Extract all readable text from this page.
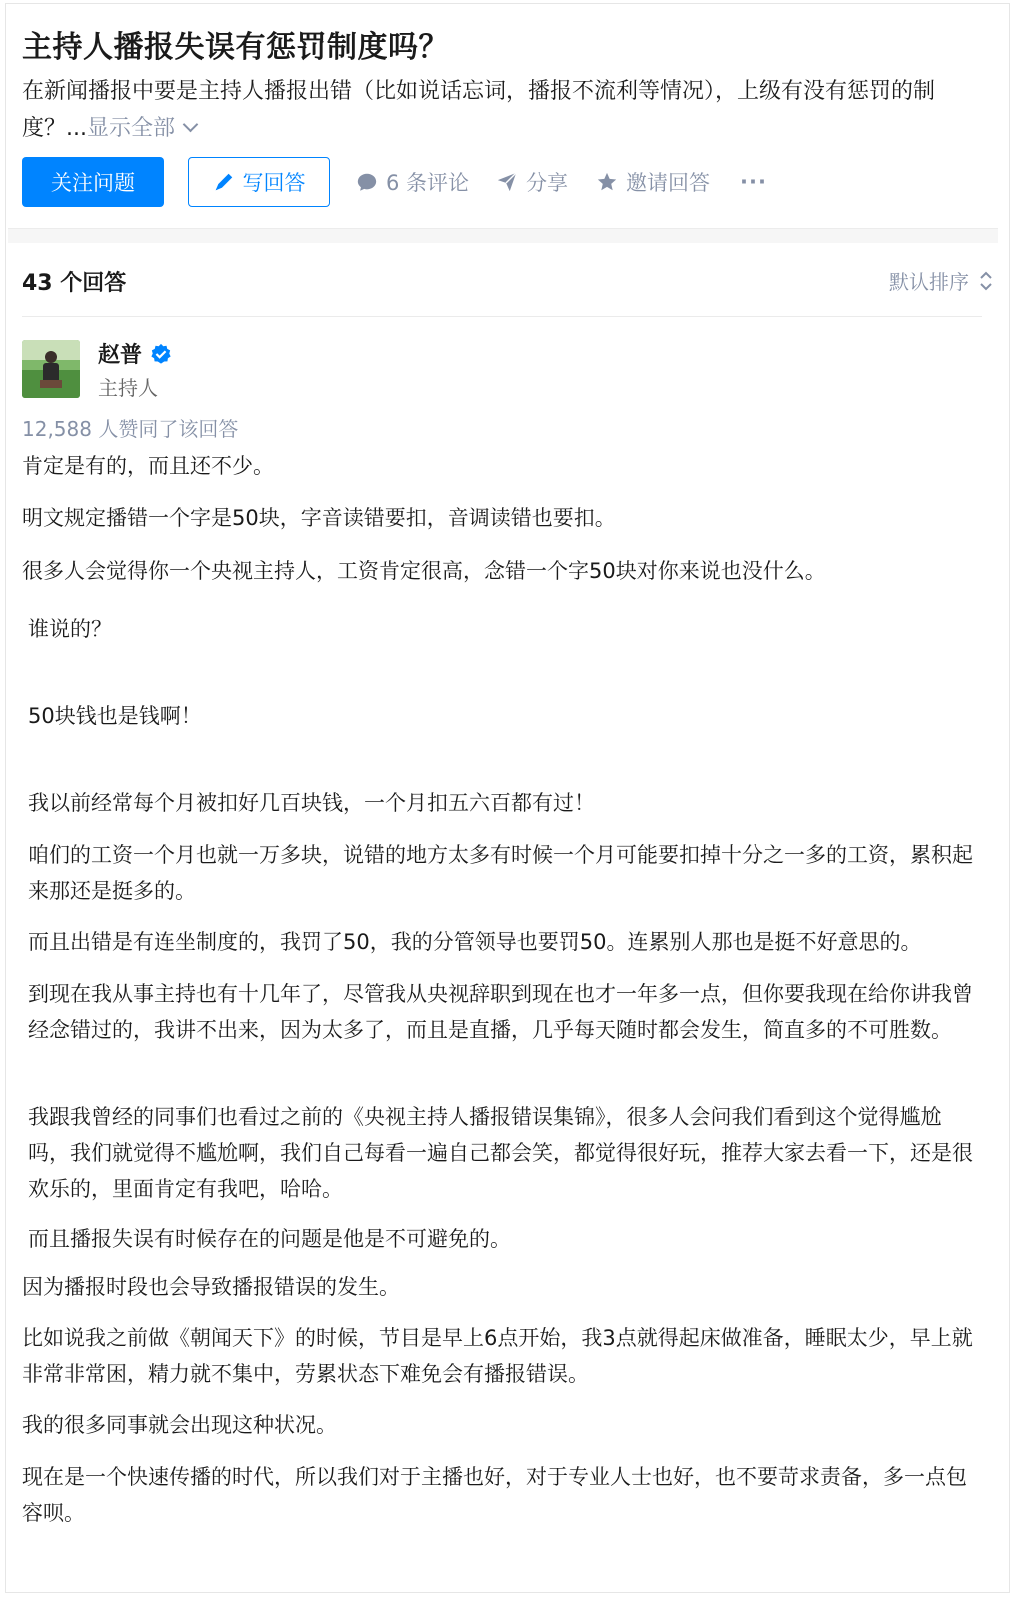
主持人播报失误有惩罚制度吗？
在新闻播报中要是主持人播报出错（比如说话忘词，播报不流利等情况），上级有没有惩罚的制度？...显示全部
关注问题	写回答	6 条评论	分享	邀请回答 ···
43 个回答	默认排序
赵普
主持人
12,588 人赞同了该回答

肯定是有的，而且还不少。

明文规定播错一个字是50块，字音读错要扣，音调读错也要扣。

很多人会觉得你一个央视主持人，工资肯定很高，念错一个字50块对你来说也没什么。

谁说的？

50块钱也是钱啊！

我以前经常每个月被扣好几百块钱，一个月扣五六百都有过！

咱们的工资一个月也就一万多块，说错的地方太多有时候一个月可能要扣掉十分之一多的工资，累积起来那还是挺多的。

而且出错是有连坐制度的，我罚了50，我的分管领导也要罚50。连累别人那也是挺不好意思的。

到现在我从事主持也有十几年了，尽管我从央视辞职到现在也才一年多一点，但你要我现在给你讲我曾经念错过的，我讲不出来，因为太多了，而且是直播，几乎每天随时都会发生，简直多的不可胜数。

我跟我曾经的同事们也看过之前的《央视主持人播报错误集锦》，很多人会问我们看到这个觉得尴尬吗，我们就觉得不尴尬啊，我们自己每看一遍自己都会笑，都觉得很好玩，推荐大家去看一下，还是很欢乐的，里面肯定有我吧，哈哈。

而且播报失误有时候存在的问题是他是不可避免的。

因为播报时段也会导致播报错误的发生。

比如说我之前做《朝闻天下》的时候，节目是早上6点开始，我3点就得起床做准备，睡眠太少，早上就非常非常困，精力就不集中，劳累状态下难免会有播报错误。

我的很多同事就会出现这种状况。

现在是一个快速传播的时代，所以我们对于主播也好，对于专业人士也好，也不要苛求责备，多一点包容呗。
